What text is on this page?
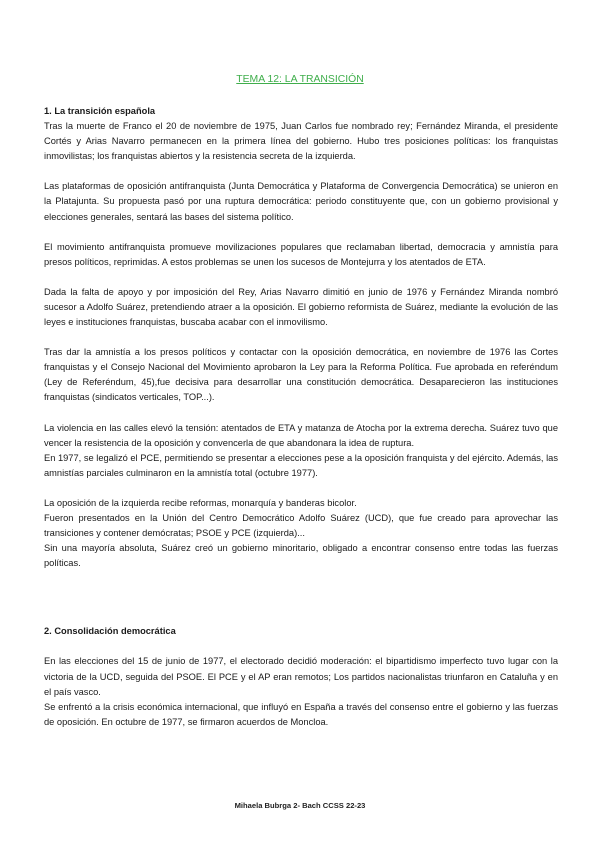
TEMA 12: LA TRANSICIÓN

1. La transición española

Tras la muerte de Franco el 20 de noviembre de 1975, Juan Carlos fue nombrado rey; Fernández Miranda, el presidente Cortés y Arias Navarro permanecen en la primera línea del gobierno. Hubo tres posiciones políticas: los franquistas inmovilistas; los franquistas abiertos y la resistencia secreta de la izquierda.

Las plataformas de oposición antifranquista (Junta Democrática y Plataforma de Convergencia Democrática) se unieron en la Platajunta. Su propuesta pasó por una ruptura democrática: periodo constituyente que, con un gobierno provisional y elecciones generales, sentará las bases del sistema político.

El movimiento antifranquista promueve movilizaciones populares que reclamaban libertad, democracia y amnistía para presos políticos, reprimidas. A estos problemas se unen los sucesos de Montejurra y los atentados de ETA.

Dada la falta de apoyo y por imposición del Rey, Arias Navarro dimitió en junio de 1976 y Fernández Miranda nombró sucesor a Adolfo Suárez, pretendiendo atraer a la oposición. El gobierno reformista de Suárez, mediante la evolución de las leyes e instituciones franquistas, buscaba acabar con el inmovilismo.

Tras dar la amnistía a los presos políticos y contactar con la oposición democrática, en noviembre de 1976 las Cortes franquistas y el Consejo Nacional del Movimiento aprobaron la Ley para la Reforma Política. Fue aprobada en referéndum (Ley de Referéndum, 45),fue decisiva para desarrollar una constitución democrática. Desaparecieron las instituciones franquistas (sindicatos verticales, TOP...).

La violencia en las calles elevó la tensión: atentados de ETA y matanza de Atocha por la extrema derecha. Suárez tuvo que vencer la resistencia de la oposición y convencerla de que abandonara la idea de ruptura.

En 1977, se legalizó el PCE, permitiendo se presentar a elecciones pese a la oposición franquista y del ejército. Además, las amnistías parciales culminaron en la amnistía total (octubre 1977).

La oposición de la izquierda recibe reformas, monarquía y banderas bicolor.

Fueron presentados en la Unión del Centro Democrático Adolfo Suárez (UCD), que fue creado para aprovechar las transiciones y contener demócratas; PSOE y PCE (izquierda)...

Sin una mayoría absoluta, Suárez creó un gobierno minoritario, obligado a encontrar consenso entre todas las fuerzas políticas.

2. Consolidación democrática

En las elecciones del 15 de junio de 1977, el electorado decidió moderación: el bipartidismo imperfecto tuvo lugar con la victoria de la UCD, seguida del PSOE. El PCE y el AP eran remotos; Los partidos nacionalistas triunfaron en Cataluña y en el país vasco.

Se enfrentó a la crisis económica internacional, que influyó en España a través del consenso entre el gobierno y las fuerzas de oposición. En octubre de 1977, se firmaron acuerdos de Moncloa.

Mihaela Bubrga 2- Bach CCSS 22-23
